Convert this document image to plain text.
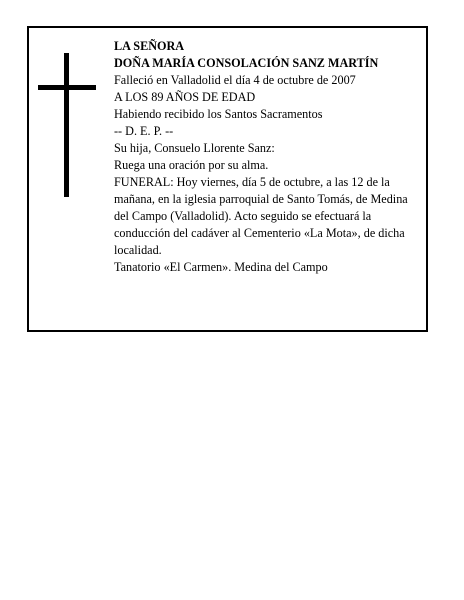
LA SEÑORA
DOÑA MARÍA CONSOLACIÓN SANZ MARTÍN
Falleció en Valladolid el día 4 de octubre de 2007
A LOS 89 AÑOS DE EDAD
Habiendo recibido los Santos Sacramentos
-- D. E. P. --
Su hija, Consuelo Llorente Sanz:
Ruega una oración por su alma.
FUNERAL: Hoy viernes, día 5 de octubre, a las 12 de la mañana, en la iglesia parroquial de Santo Tomás, de Medina del Campo (Valladolid). Acto seguido se efectuará la conducción del cadáver al Cementerio «La Mota», de dicha localidad.
Tanatorio «El Carmen». Medina del Campo
